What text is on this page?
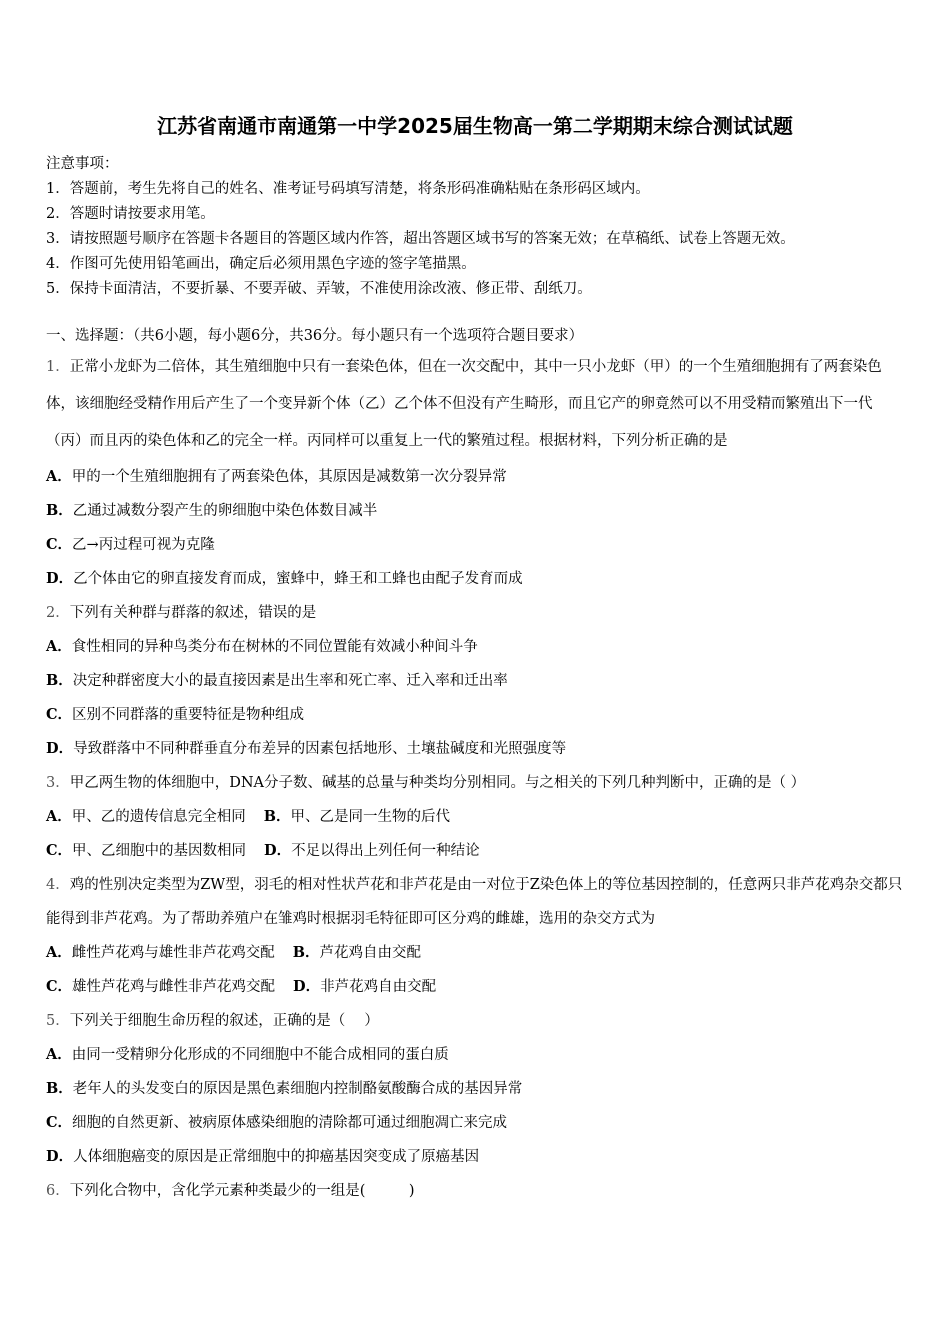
江苏省南通市南通第一中学2025届生物高一第二学期期末综合测试试题
注意事项：
1．答题前，考生先将自己的姓名、准考证号码填写清楚，将条形码准确粘贴在条形码区域内。
2．答题时请按要求用笔。
3．请按照题号顺序在答题卡各题目的答题区域内作答，超出答题区域书写的答案无效；在草稿纸、试卷上答题无效。
4．作图可先使用铅笔画出，确定后必须用黑色字迹的签字笔描黑。
5．保持卡面清洁，不要折暴、不要弄破、弄皱，不准使用涂改液、修正带、刮纸刀。
一、选择题：（共6小题，每小题6分，共36分。每小题只有一个选项符合题目要求）
1．正常小龙虾为二倍体，其生殖细胞中只有一套染色体，但在一次交配中，其中一只小龙虾（甲）的一个生殖细胞拥有了两套染色体，该细胞经受精作用后产生了一个变异新个体（乙）乙个体不但没有产生畸形，而且它产的卵竟然可以不用受精而繁殖出下一代（丙）而且丙的染色体和乙的完全一样。丙同样可以重复上一代的繁殖过程。根据材料，下列分析正确的是
A．甲的一个生殖细胞拥有了两套染色体，其原因是减数第一次分裂异常
B．乙通过减数分裂产生的卵细胞中染色体数目减半
C．乙→丙过程可视为克隆
D．乙个体由它的卵直接发育而成，蜜蜂中，蜂王和工蜂也由配子发育而成
2．下列有关种群与群落的叙述，错误的是
A．食性相同的异种鸟类分布在树林的不同位置能有效减小种间斗争
B．决定种群密度大小的最直接因素是出生率和死亡率、迁入率和迁出率
C．区别不同群落的重要特征是物种组成
D．导致群落中不同种群垂直分布差异的因素包括地形、土壤盐碱度和光照强度等
3．甲乙两生物的体细胞中，DNA分子数、碱基的总量与种类均分别相同。与之相关的下列几种判断中，正确的是（ ）
A．甲、乙的遗传信息完全相同 B．甲、乙是同一生物的后代
C．甲、乙细胞中的基因数相同 D．不足以得出上列任何一种结论
4．鸡的性别决定类型为ZW型，羽毛的相对性状芦花和非芦花是由一对位于Z染色体上的等位基因控制的，任意两只非芦花鸡杂交都只能得到非芦花鸡。为了帮助养殖户在雏鸡时根据羽毛特征即可区分鸡的雌雄，选用的杂交方式为
A．雌性芦花鸡与雄性非芦花鸡交配 B．芦花鸡自由交配
C．雄性芦花鸡与雌性非芦花鸡交配 D．非芦花鸡自由交配
5．下列关于细胞生命历程的叙述，正确的是（　 ）
A．由同一受精卵分化形成的不同细胞中不能合成相同的蛋白质
B．老年人的头发变白的原因是黑色素细胞内控制酪氨酸酶合成的基因异常
C．细胞的自然更新、被病原体感染细胞的清除都可通过细胞凋亡来完成
D．人体细胞癌变的原因是正常细胞中的抑癌基因突变成了原癌基因
6．下列化合物中，含化学元素种类最少的一组是(　　　)
